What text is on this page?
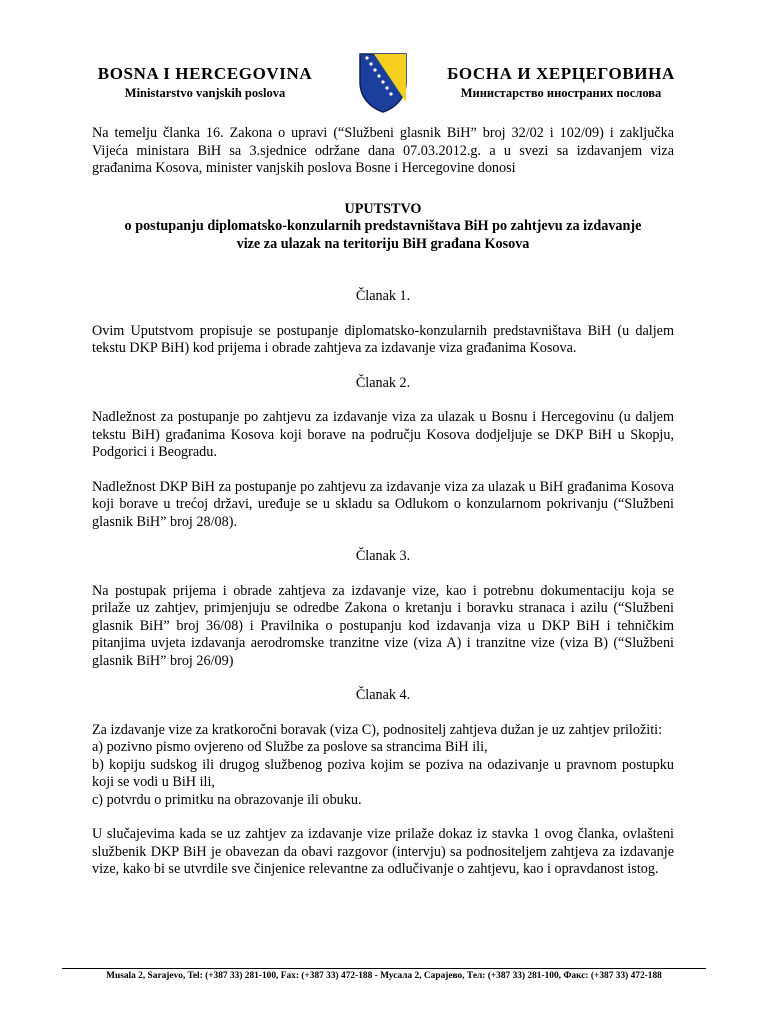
BOSNA I HERCEGOVINA
Ministarstvo vanjskih poslova
БОСНА И ХЕРЦЕГОВИНА
Министарство иностраних послова

Na temelju članka 16. Zakona o upravi (“Službeni glasnik BiH” broj 32/02 i 102/09) i zaključka Vijeća ministara BiH sa 3.sjednice održane dana 07.03.2012.g. a u svezi sa izdavanjem viza građanima Kosova, minister vanjskih poslova Bosne i Hercegovine donosi

UPUTSTVO
o postupanju diplomatsko-konzularnih predstavništava BiH po zahtjevu za izdavanje
vize za ulazak na teritoriju BiH građana Kosova

Članak 1.

Ovim Uputstvom propisuje se postupanje diplomatsko-konzularnih predstavništava BiH (u daljem tekstu DKP BiH) kod prijema i obrade zahtjeva za izdavanje viza građanima Kosova.

Članak 2.

Nadležnost za postupanje po zahtjevu za izdavanje viza za ulazak u Bosnu i Hercegovinu (u daljem tekstu BiH) građanima Kosova koji borave na području Kosova dodjeljuje se DKP BiH u Skopju, Podgorici i Beogradu.

Nadležnost DKP BiH za postupanje po zahtjevu za izdavanje viza za ulazak u BiH građanima Kosova koji borave u trećoj državi, uređuje se u skladu sa Odlukom o konzularnom pokrivanju (“Službeni glasnik BiH” broj 28/08).

Članak 3.

Na postupak prijema i obrade zahtjeva za izdavanje vize, kao i potrebnu dokumentaciju koja se prilaže uz zahtjev, primjenjuju se odredbe Zakona o kretanju i boravku stranaca i azilu (“Službeni glasnik BiH” broj 36/08) i Pravilnika o postupanju kod izdavanja viza u DKP BiH i tehničkim pitanjima uvjeta izdavanja aerodromske tranzitne vize (viza A) i tranzitne vize (viza B) (“Službeni glasnik BiH” broj 26/09)

Članak 4.

Za izdavanje vize za kratkoročni boravak (viza C), podnositelj zahtjeva dužan je uz zahtjev priložiti:

a) pozivno pismo ovjereno od Službe za poslove sa strancima BiH ili,

b) kopiju sudskog ili drugog službenog poziva kojim se poziva na odazivanje u pravnom postupku koji se vodi u BiH ili,

c) potvrdu o primitku na obrazovanje ili obuku.

U slučajevima kada se uz zahtjev za izdavanje vize prilaže dokaz iz stavka 1 ovog članka, ovlašteni službenik DKP BiH je obavezan da obavi razgovor (intervju) sa podnositeljem zahtjeva za izdavanje vize, kako bi se utvrdile sve činjenice relevantne za odlučivanje o zahtjevu, kao i opravdanost istog.

Musala 2, Sarajevo, Tel: (+387 33) 281-100, Fax: (+387 33) 472-188 - Мусала 2, Сарајево, Тел: (+387 33) 281-100, Факс: (+387 33) 472-188
